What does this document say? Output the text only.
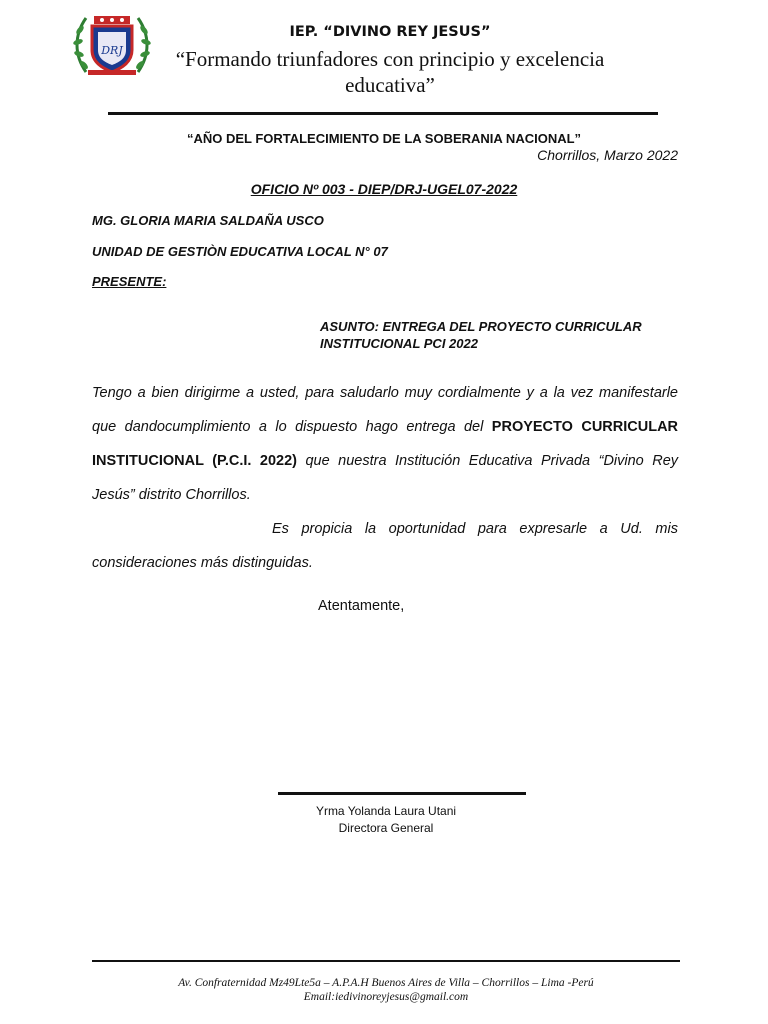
DRJ
IEP. “DIVINO REY JESUS”
“Formando triunfadores con principio y excelencia educativa”
“AÑO DEL FORTALECIMIENTO DE LA SOBERANIA NACIONAL”
Chorrillos, Marzo 2022
OFICIO Nº 003 - DIEP/DRJ-UGEL07-2022
MG. GLORIA MARIA SALDAÑA USCO
UNIDAD DE GESTIÒN EDUCATIVA LOCAL N° 07
PRESENTE:
ASUNTO: ENTREGA DEL PROYECTO CURRICULAR INSTITUCIONAL PCI 2022
Tengo a bien dirigirme a usted, para saludarlo muy cordialmente y a la vez manifestarle que dandocumplimiento a lo dispuesto hago entrega del PROYECTO CURRICULAR INSTITUCIONAL (P.C.I. 2022) que nuestra Institución Educativa Privada “Divino Rey Jesús” distrito Chorrillos.
Es propicia la oportunidad para expresarle a Ud. mis consideraciones más distinguidas.
Atentamente,
Yrma Yolanda Laura Utani
Directora General
Av. Confraternidad Mz49Lte5a – A.P.A.H Buenos Aires de Villa – Chorrillos – Lima -Perú
Email:iedivinoreyjesus@gmail.com
